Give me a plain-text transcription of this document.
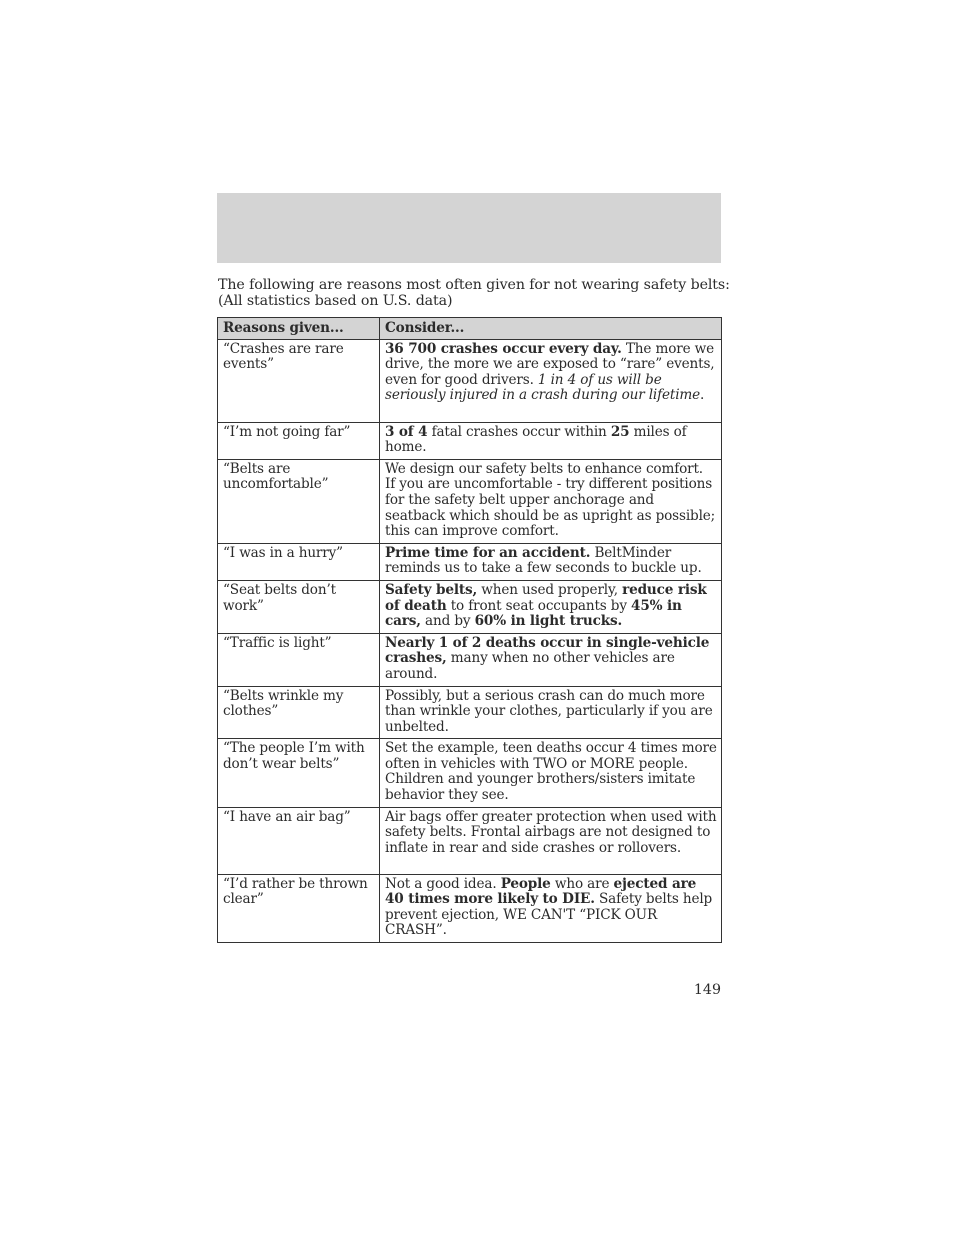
The following are reasons most often given for not wearing safety belts:
(All statistics based on U.S. data)
Reasons given...	Consider...
“Crashes are rare events”	36 700 crashes occur every day. The more we drive, the more we are exposed to “rare” events, even for good drivers. 1 in 4 of us will be seriously injured in a crash during our lifetime.
“I’m not going far”	3 of 4 fatal crashes occur within 25 miles of home.
“Belts are uncomfortable”	We design our safety belts to enhance comfort. If you are uncomfortable - try different positions for the safety belt upper anchorage and seatback which should be as upright as possible; this can improve comfort.
“I was in a hurry”	Prime time for an accident. BeltMinder reminds us to take a few seconds to buckle up.
“Seat belts don’t work”	Safety belts, when used properly, reduce risk of death to front seat occupants by 45% in cars, and by 60% in light trucks.
“Traffic is light”	Nearly 1 of 2 deaths occur in single-vehicle crashes, many when no other vehicles are around.
“Belts wrinkle my clothes”	Possibly, but a serious crash can do much more than wrinkle your clothes, particularly if you are unbelted.
“The people I’m with don’t wear belts”	Set the example, teen deaths occur 4 times more often in vehicles with TWO or MORE people. Children and younger brothers/sisters imitate behavior they see.
“I have an air bag”	Air bags offer greater protection when used with safety belts. Frontal airbags are not designed to inflate in rear and side crashes or rollovers.
“I’d rather be thrown clear”	Not a good idea. People who are ejected are 40 times more likely to DIE. Safety belts help prevent ejection, WE CAN'T “PICK OUR CRASH”.
149
